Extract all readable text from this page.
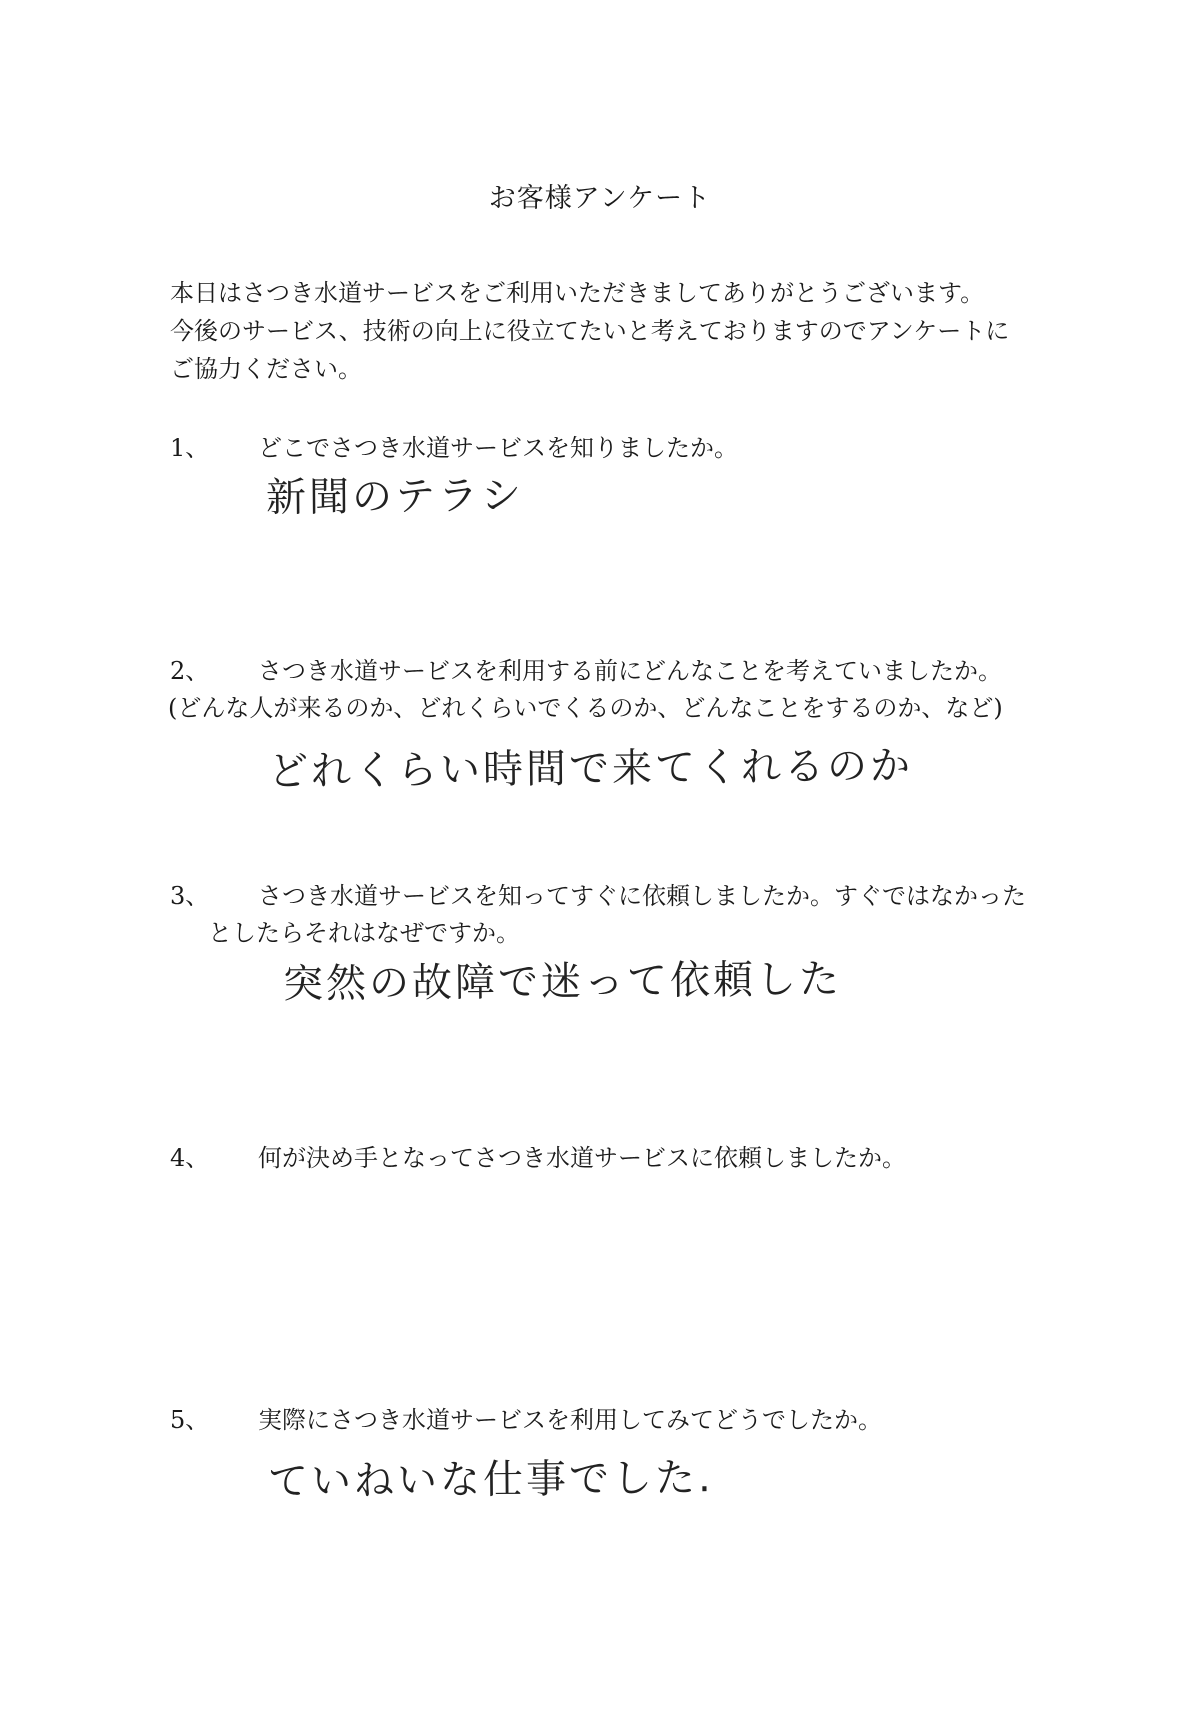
お客様アンケート

本日はさつき水道サービスをご利用いただきましてありがとうございます。

今後のサービス、技術の向上に役立てたいと考えておりますのでアンケートに

ご協力ください。

1、 どこでさつき水道サービスを知りましたか。
新聞のテラシ
2、 さつき水道サービスを利用する前にどんなことを考えていましたか。
(どんな人が来るのか、どれくらいでくるのか、どんなことをするのか、など)
どれくらい時間で来てくれるのか
3、 さつき水道サービスを知ってすぐに依頼しましたか。すぐではなかった
としたらそれはなぜですか。
突然の故障で迷って依頼した
4、 何が決め手となってさつき水道サービスに依頼しましたか。
5、 実際にさつき水道サービスを利用してみてどうでしたか。
ていねいな仕事でした.
